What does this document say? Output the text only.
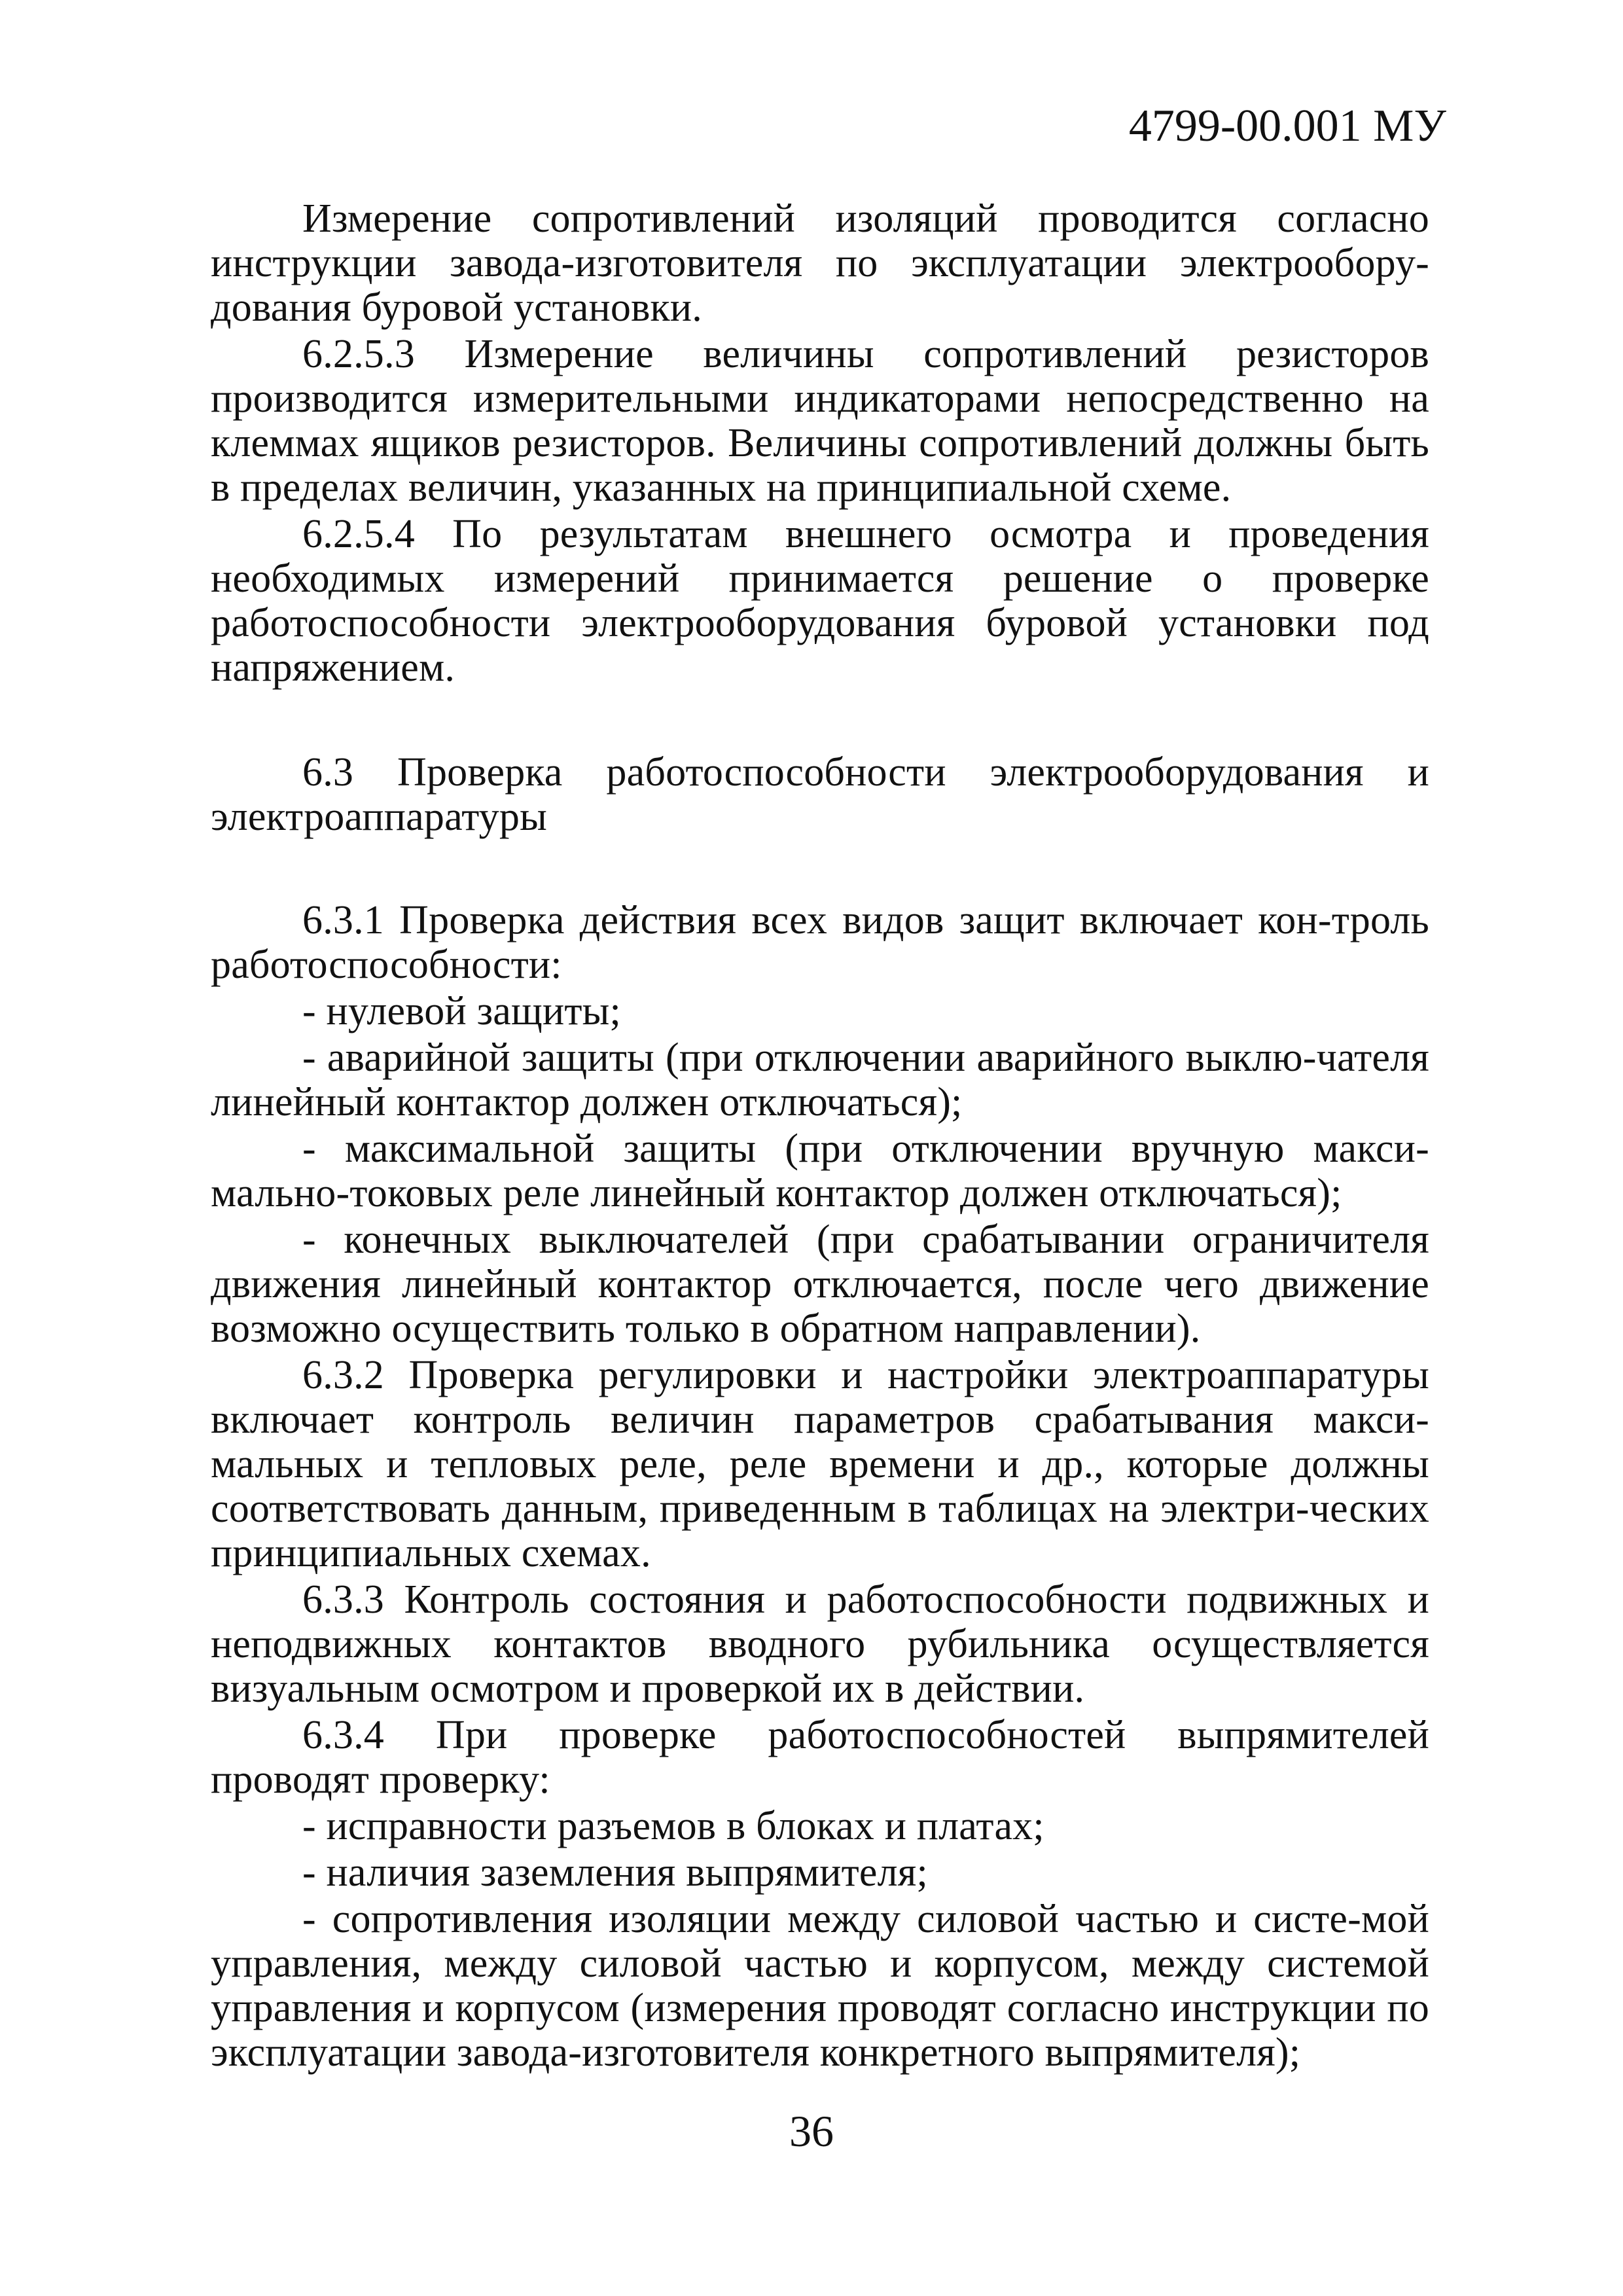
4799-00.001 МУ

Измерение сопротивлений изоляций проводится согласно инструкции завода-изготовителя по эксплуатации электрообору-дования буровой установки.

6.2.5.3 Измерение величины сопротивлений резисторов производится измерительными индикаторами непосредственно на клеммах ящиков резисторов. Величины сопротивлений должны быть в пределах величин, указанных на принципиальной схеме.

6.2.5.4 По результатам внешнего осмотра и проведения необходимых измерений принимается решение о проверке работоспособности электрооборудования буровой установки под напряжением.

6.3 Проверка работоспособности электрооборудования и электроаппаратуры

6.3.1 Проверка действия всех видов защит включает кон-троль работоспособности:

- нулевой защиты;

- аварийной защиты (при отключении аварийного выклю-чателя линейный контактор должен отключаться);

- максимальной защиты (при отключении вручную макси-мально-токовых реле линейный контактор должен отключаться);

- конечных выключателей (при срабатывании ограничителя движения линейный контактор отключается, после чего движение возможно осуществить только в обратном направлении).

6.3.2 Проверка регулировки и настройки электроаппаратуры включает контроль величин параметров срабатывания макси-мальных и тепловых реле, реле времени и др., которые должны соответствовать данным, приведенным в таблицах на электри-ческих принципиальных схемах.

6.3.3 Контроль состояния и работоспособности подвижных и неподвижных контактов вводного рубильника осуществляется визуальным осмотром и проверкой их в действии.

6.3.4 При проверке работоспособностей выпрямителей проводят проверку:

- исправности разъемов в блоках и платах;

- наличия заземления выпрямителя;

- сопротивления изоляции между силовой частью и систе-мой управления, между силовой частью и корпусом, между системой управления и корпусом (измерения проводят согласно инструкции по эксплуатации завода-изготовителя конкретного выпрямителя);

36
